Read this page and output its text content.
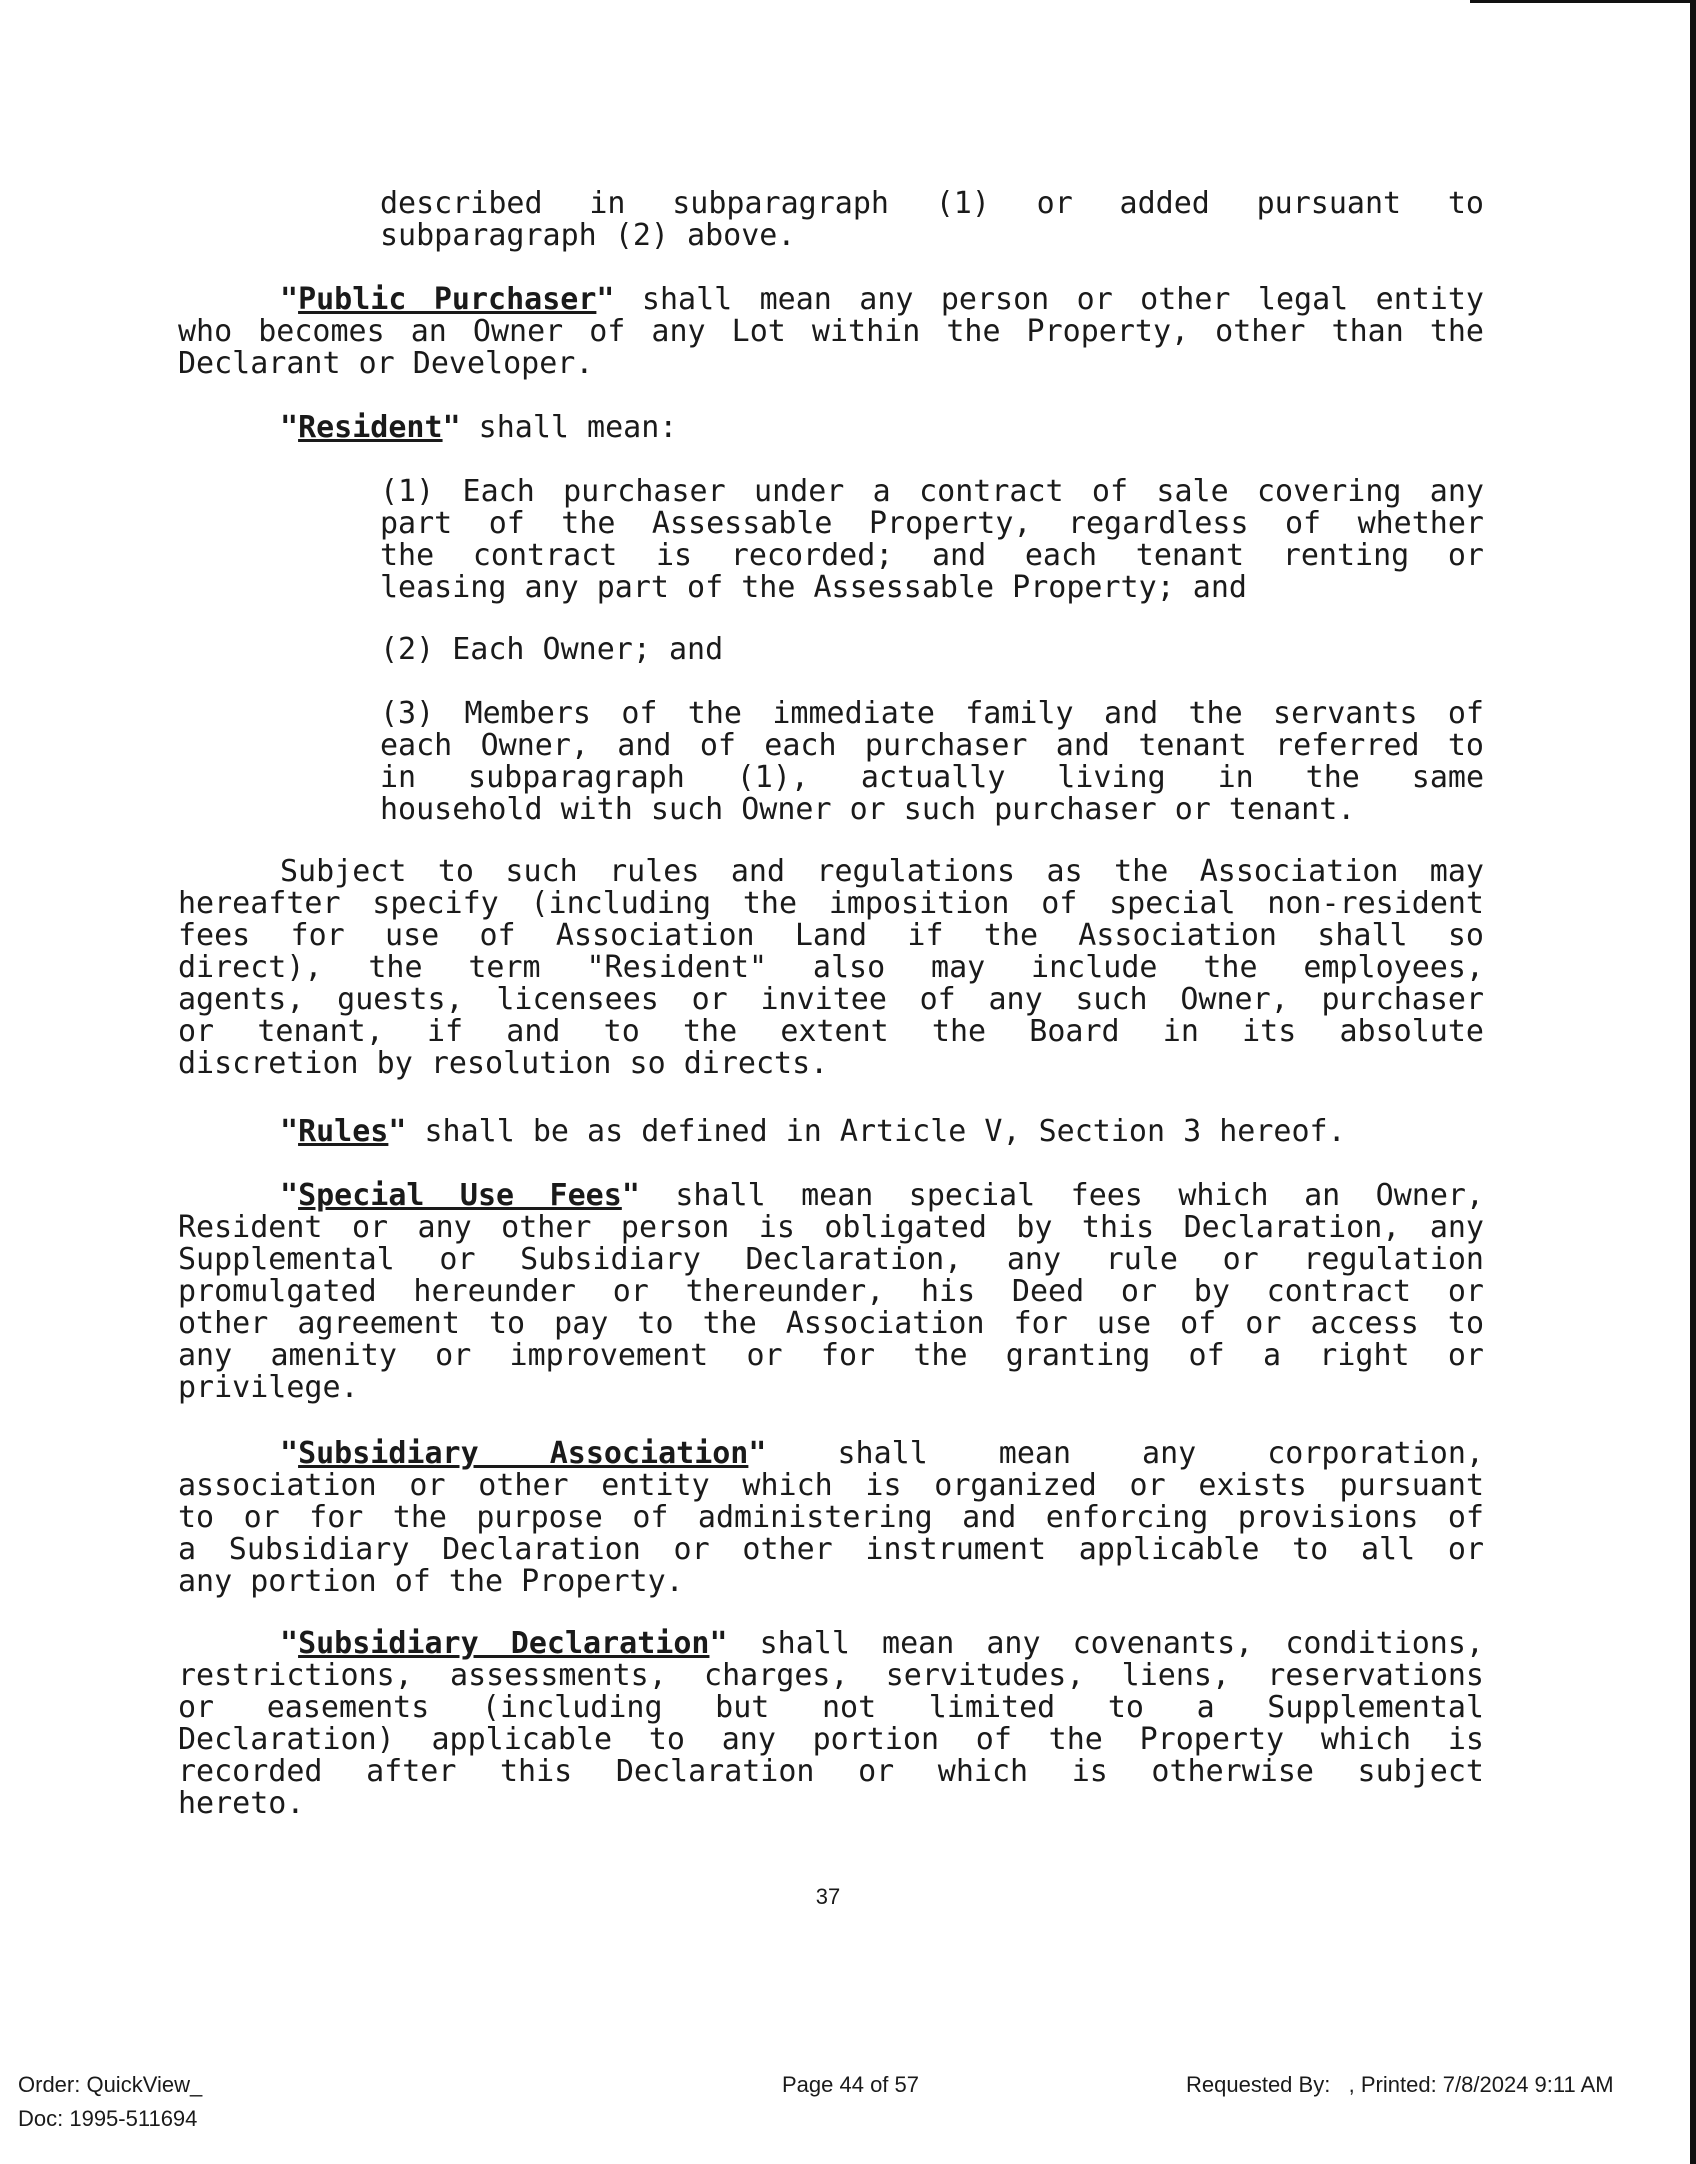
described in subparagraph (1) or added pursuant to
subparagraph (2) above.
"Public Purchaser" shall mean any person or other legal entity
who becomes an Owner of any Lot within the Property, other than the
Declarant or Developer.
"Resident" shall mean:
(1) Each purchaser under a contract of sale covering any
part of the Assessable Property, regardless of whether
the contract is recorded; and each tenant renting or
leasing any part of the Assessable Property; and
(2) Each Owner; and
(3) Members of the immediate family and the servants of
each Owner, and of each purchaser and tenant referred to
in subparagraph (1), actually living in the same
household with such Owner or such purchaser or tenant.
Subject to such rules and regulations as the Association may
hereafter specify (including the imposition of special non-resident
fees for use of Association Land if the Association shall so
direct), the term "Resident" also may include the employees,
agents, guests, licensees or invitee of any such Owner, purchaser
or tenant, if and to the extent the Board in its absolute
discretion by resolution so directs.
"Rules" shall be as defined in Article V, Section 3 hereof.
"Special Use Fees" shall mean special fees which an Owner,
Resident or any other person is obligated by this Declaration, any
Supplemental or Subsidiary Declaration, any rule or regulation
promulgated hereunder or thereunder, his Deed or by contract or
other agreement to pay to the Association for use of or access to
any amenity or improvement or for the granting of a right or
privilege.
"Subsidiary Association" shall mean any corporation,
association or other entity which is organized or exists pursuant
to or for the purpose of administering and enforcing provisions of
a Subsidiary Declaration or other instrument applicable to all or
any portion of the Property.
"Subsidiary Declaration" shall mean any covenants, conditions,
restrictions, assessments, charges, servitudes, liens, reservations
or easements (including but not limited to a Supplemental
Declaration) applicable to any portion of the Property which is
recorded after this Declaration or which is otherwise subject
hereto.
37
Order: QuickView_
Doc: 1995-511694
Page 44 of 57	Requested By:   , Printed: 7/8/2024 9:11 AM
